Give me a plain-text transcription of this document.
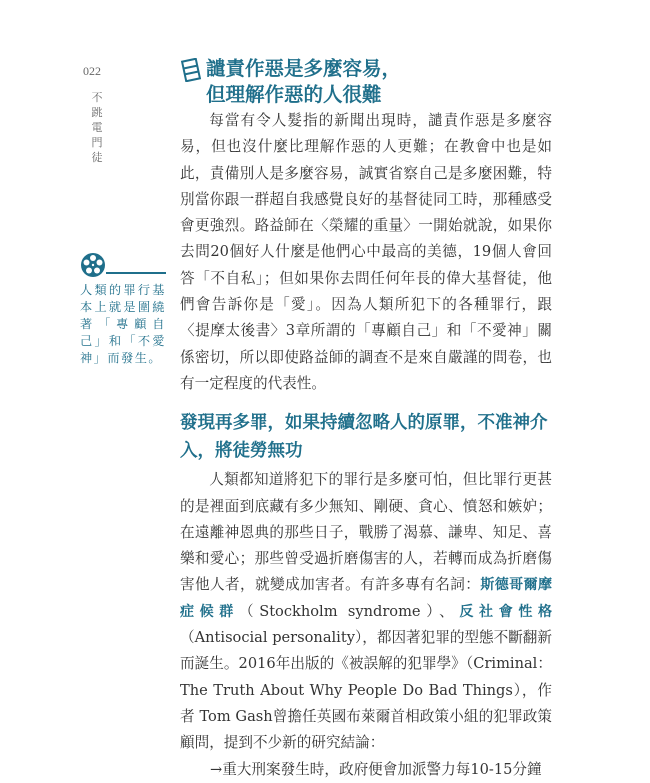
022
不跳電門徒
人類的罪行基本上就是圍繞著「專顧自己」和「不愛神」而發生。
譴責作惡是多麼容易，
但理解作惡的人很難

每當有令人髮指的新聞出現時，譴責作惡是多麼容易，但也沒什麼比理解作惡的人更難；在教會中也是如此，責備別人是多麼容易，誠實省察自己是多麼困難，特別當你跟一群超自我感覺良好的基督徒同工時，那種感受會更強烈。路益師在〈榮耀的重量〉一開始就說，如果你去問20個好人什麼是他們心中最高的美德，19個人會回答「不自私」；但如果你去問任何年長的偉大基督徒，他們會告訴你是「愛」。因為人類所犯下的各種罪行，跟〈提摩太後書〉3章所謂的「專顧自己」和「不愛神」關係密切，所以即使路益師的調查不是來自嚴謹的問卷，也有一定程度的代表性。

發現再多罪，如果持續忽略人的原罪，不准神介入，將徒勞無功

人類都知道將犯下的罪行是多麼可怕，但比罪行更甚的是裡面到底藏有多少無知、剛硬、貪心、憤怒和嫉妒；在遠離神恩典的那些日子，戰勝了渴慕、謙卑、知足、喜樂和愛心；那些曾受過折磨傷害的人，若轉而成為折磨傷害他人者，就變成加害者。有許多專有名詞：斯德哥爾摩症候群（Stockholm syndrome）、反社會性格（Antisocial personality），都因著犯罪的型態不斷翻新而誕生。2016年出版的《被誤解的犯罪學》（Criminal： The Truth About Why People Do Bad Things），作者 Tom Gash曾擔任英國布萊爾首相政策小組的犯罪政策顧問，提到不少新的研究結論：

→重大刑案發生時，政府便會加派警力每10-15分鐘
